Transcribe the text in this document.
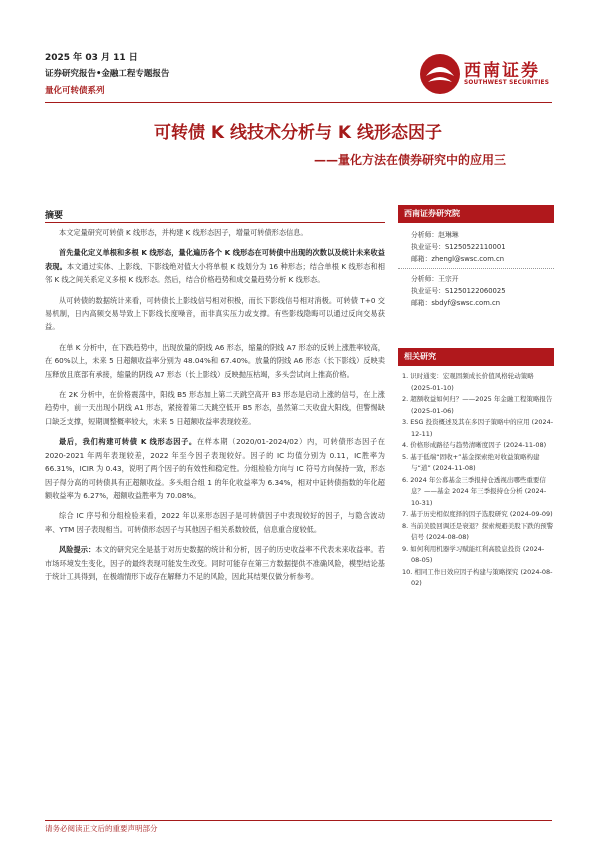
2025 年 03 月 11 日
证券研究报告•金融工程专题报告
量化可转债系列
西南证券
SOUTHWEST SECURITIES
可转债 K 线技术分析与 K 线形态因子
——量化方法在债券研究中的应用三
摘要

本文定量研究可转债 K 线形态，并构建 K 线形态因子，增量可转债形态信息。

首先量化定义单根和多根 K 线形态，量化遍历各个 K 线形态在可转债中出现的次数以及统计未来收益表现。本文通过实体、上影线、下影线绝对值大小将单根 K 线划分为 16 种形态；结合单根 K 线形态和相邻 K 线之间关系定义多根 K 线形态。然后，结合价格趋势和成交量趋势分析 K 线形态。

从可转债的数据统计来看，可转债长上影线信号相对积极，而长下影线信号相对消极。可转债 T+0 交易机制，日内高频交易导致上下影线长度噪音，而非真实压力或支撑。有些影线隐晦可以通过反向交易获益。

在单 K 分析中，在下跌趋势中，出现放量的阴线 A6 形态，缩量的阴线 A7 形态的反转上涨胜率较高，在 60%以上，未来 5 日超额收益率分别为 48.04%和 67.40%。放量的阴线 A6 形态（长下影线）反映卖压释放且底部有承接，缩量的阴线 A7 形态（长上影线）反映抛压枯竭，多头尝试向上推高价格。

在 2K 分析中，在价格震荡中，阳线 B5 形态加上第二天跳空高开 B3 形态是启动上涨的信号，在上涨趋势中，前一天出现小阴线 A1 形态，紧接着第二天跳空低开 B5 形态，虽然第二天收盘大阳线，但警惕缺口缺乏支撑，短期调整概率较大，未来 5 日超额收益率表现较差。

最后，我们构建可转债 K 线形态因子。在样本期（2020/01-2024/02）内，可转债形态因子在 2020-2021 年两年表现较差，2022 年至今因子表现较好。因子的 IC 均值分别为 0.11，IC胜率为 66.31%，ICIR 为 0.43，说明了两个因子的有效性和稳定性。分组检验方向与 IC 符号方向保持一致，形态因子得分高的可转债具有正超额收益。多头组合组 1 的年化收益率为 6.34%，相对中证转债指数的年化超额收益率为 6.27%，超额收益胜率为 70.08%。

综合 IC 序号和分组检验来看，2022 年以来形态因子是可转债因子中表现较好的因子，与隐含波动率、YTM 因子表现相当。可转债形态因子与其他因子相关系数较低，信息重合度较低。

风险提示：本文的研究完全是基于对历史数据的统计和分析，因子的历史收益率不代表未来收益率。若市场环境发生变化，因子的最终表现可能发生改变。同时可能存在第三方数据提供不准确风险，模型结论基于统计工具得到，在极端情形下或存在解释力不足的风险，因此其结果仅做分析参考。

西南证券研究院
分析师：赵琳琳
执业证号：S1250522110001
邮箱：zhengl@swsc.com.cn
分析师：王宗开
执业证号：S1250122060025
邮箱：sbdyf@swsc.com.cn
相关研究
1. 识时通变：宏观固频成长价值风格轮动策略 (2025-01-10)
2. 超额收益如何归？——2025 年金融工程策略报告 (2025-01-06)
3. ESG 投资概述及其在多因子策略中的应用 (2024-12-11)
4. 价格形成路径与趋势清晰度因子 (2024-11-08)
5. 基于低端“固收+”基金探索绝对收益策略构建与“道” (2024-11-08)
6. 2024 年公募基金三季报持仓透视出哪些重要信息？——基金 2024 年三季报持仓分析 (2024-10-31)
7. 基于历史相似度择的因子选股研究 (2024-09-09)
8. 当前美股回调还是衰退？探索规避美股下跌的预警信号 (2024-08-08)
9. 如何利用机器学习赋能红利高股息投资 (2024-08-05)
10. 相同工作日效应因子构建与策略探究 (2024-08-02)
请务必阅读正文后的重要声明部分
